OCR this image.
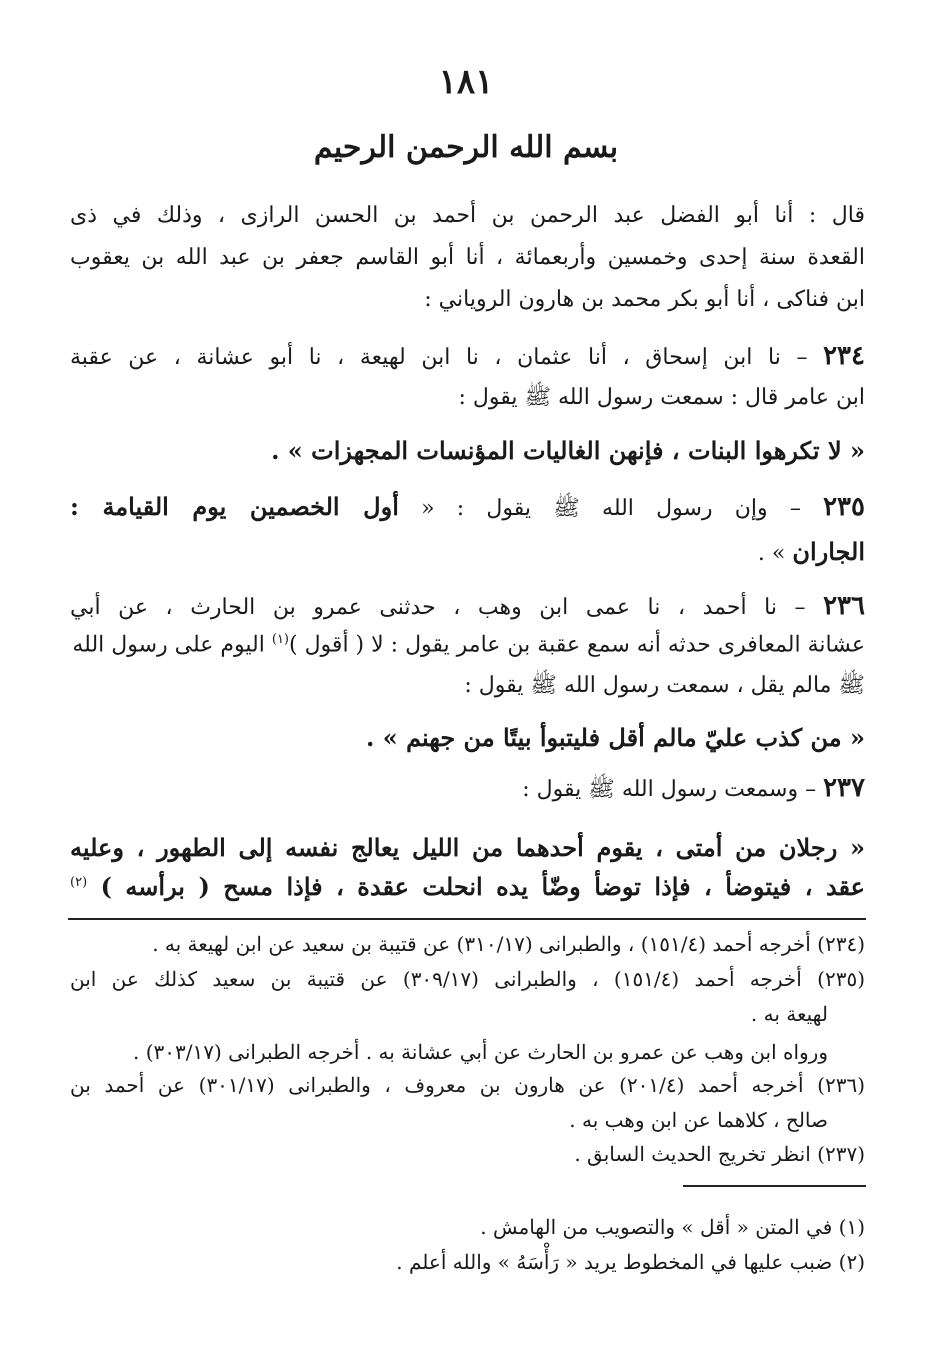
١٨١
بسم الله الرحمن الرحيم
قال : أنا أبو الفضل عبد الرحمن بن أحمد بن الحسن الرازى ، وذلك في ذى
القعدة سنة إحدى وخمسين وأربعمائة ، أنا أبو القاسم جعفر بن عبد الله بن يعقوب
ابن فناكى ، أنا أبو بكر محمد بن هارون الروياني :
٢٣٤ – نا ابن إسحاق ، أنا عثمان ، نا ابن لهيعة ، نا أبو عشانة ، عن عقبة
ابن عامر قال : سمعت رسول الله ﷺ يقول :
« لا تكرهوا البنات ، فإنهن الغاليات المؤنسات المجهزات » .
٢٣٥ – وإن رسول الله ﷺ يقول : « أول الخصمين يوم القيامة :
الجاران » .
٢٣٦ – نا أحمد ، نا عمى ابن وهب ، حدثنى عمرو بن الحارث ، عن أبي
عشانة المعافرى حدثه أنه سمع عقبة بن عامر يقول : لا ( أقول )$^{(١)}$ اليوم على رسول الله
ﷺ مالم يقل ، سمعت رسول الله ﷺ يقول :
« من كذب عليّ مالم أقل فليتبوأ بيتًا من جهنم » .
٢٣٧ – وسمعت رسول الله ﷺ يقول :
« رجلان من أمتى ، يقوم أحدهما من الليل يعالج نفسه إلى الطهور ، وعليه
عقد ، فيتوضأ ، فإذا توضأ وضّأ يده انحلت عقدة ، فإذا مسح ( برأسه ) $^{(٢)}$
(٢٣٤) أخرجه أحمد (١٥١/٤) ، والطبرانى (٣١٠/١٧) عن قتيبة بن سعيد عن ابن لهيعة به .
(٢٣٥) أخرجه أحمد (١٥١/٤) ، والطبرانى (٣٠٩/١٧) عن قتيبة بن سعيد كذلك عن ابن
لهيعة به .
ورواه ابن وهب عن عمرو بن الحارث عن أبي عشانة به . أخرجه الطبرانى (٣٠٣/١٧) .
(٢٣٦) أخرجه أحمد (٢٠١/٤) عن هارون بن معروف ، والطبرانى (٣٠١/١٧) عن أحمد بن
صالح ، كلاهما عن ابن وهب به .
(٢٣٧) انظر تخريج الحديث السابق .
(١) في المتن « أقل » والتصويب من الهامش .
(٢) ضبب عليها في المخطوط يريد « رَأْسَهُ » والله أعلم .
